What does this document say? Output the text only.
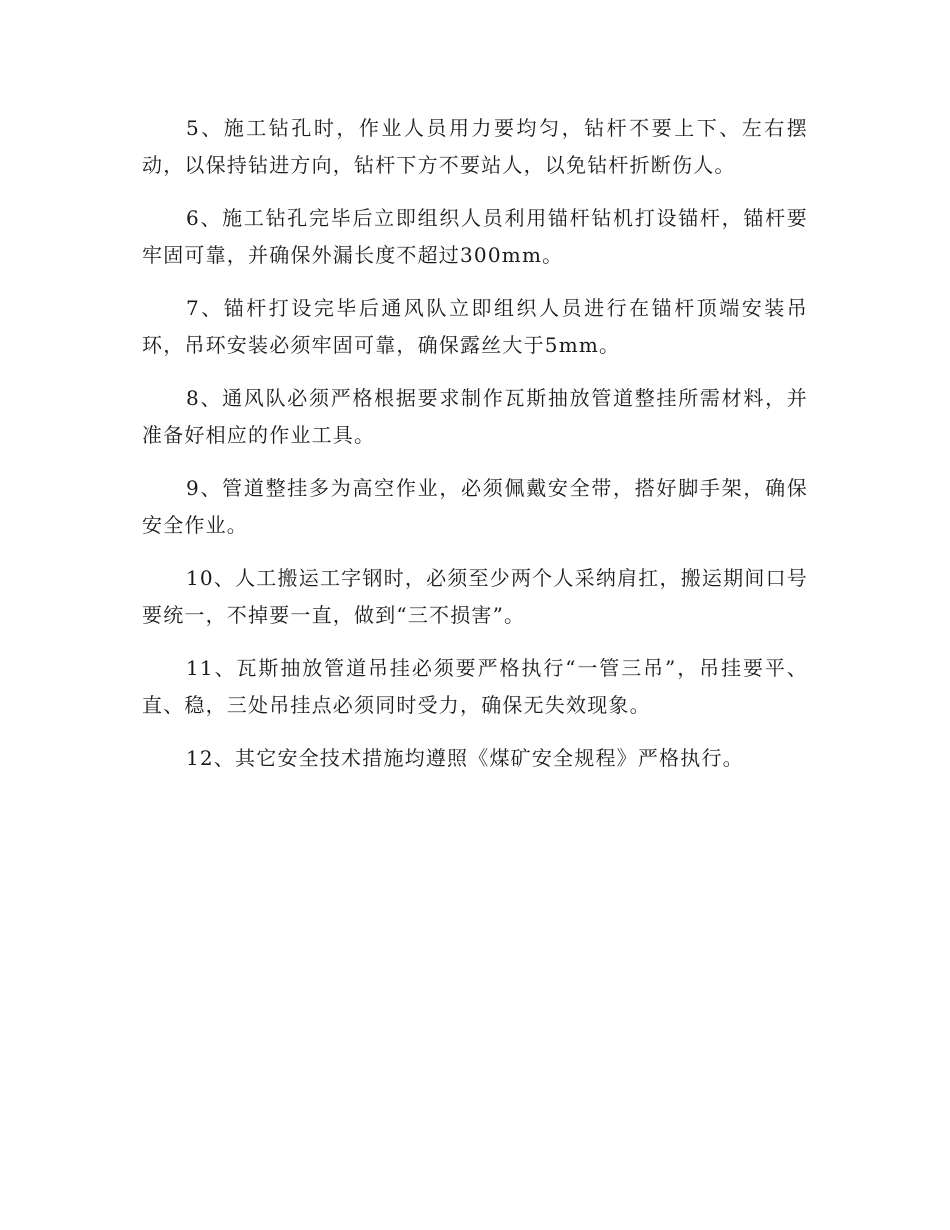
5、施工钻孔时，作业人员用力要均匀，钻杆不要上下、左右摆动，以保持钻进方向，钻杆下方不要站人，以免钻杆折断伤人。

6、施工钻孔完毕后立即组织人员利用锚杆钻机打设锚杆，锚杆要牢固可靠，并确保外漏长度不超过300mm。

7、锚杆打设完毕后通风队立即组织人员进行在锚杆顶端安装吊环，吊环安装必须牢固可靠，确保露丝大于5mm。

8、通风队必须严格根据要求制作瓦斯抽放管道整挂所需材料，并准备好相应的作业工具。

9、管道整挂多为高空作业，必须佩戴安全带，搭好脚手架，确保安全作业。

10、人工搬运工字钢时，必须至少两个人采纳肩扛，搬运期间口号要统一，不掉要一直，做到“三不损害”。

11、瓦斯抽放管道吊挂必须要严格执行“一管三吊”，吊挂要平、直、稳，三处吊挂点必须同时受力，确保无失效现象。

12、其它安全技术措施均遵照《煤矿安全规程》严格执行。
